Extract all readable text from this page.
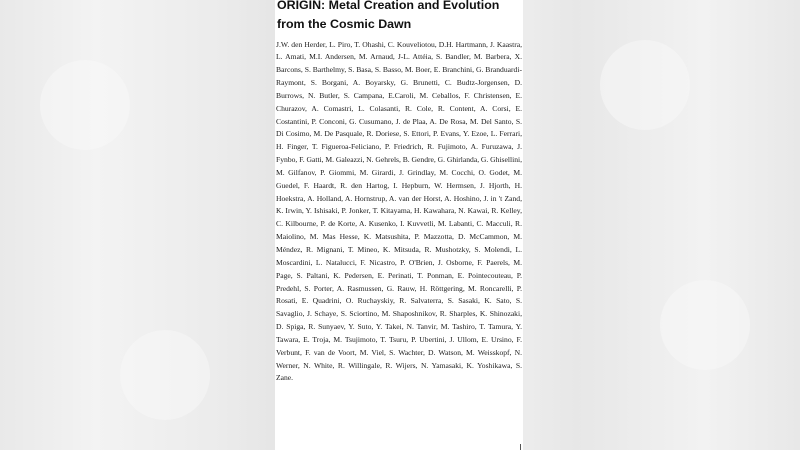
ORIGIN: Metal Creation and Evolution from the Cosmic Dawn

J.W. den Herder, L. Piro, T. Ohashi, C. Kouveliotou, D.H. Hartmann, J. Kaastra, L. Amati, M.I. Andersen, M. Arnaud, J-L. Attéia, S. Bandler, M. Barbera, X. Barcons, S. Barthelmy, S. Basa, S. Basso, M. Boer, E. Branchini, G. Branduardi-Raymont, S. Borgani, A. Boyarsky, G. Brunetti, C. Budtz-Jorgensen, D. Burrows, N. Butler, S. Campana, E.Caroli, M. Ceballos, F. Christensen, E. Churazov, A. Comastri, L. Colasanti, R. Cole, R. Content, A. Corsi, E. Costantini, P. Conconi, G. Cusumano, J. de Plaa, A. De Rosa, M. Del Santo, S. Di Cosimo, M. De Pasquale, R. Doriese, S. Ettori, P. Evans, Y. Ezoe, L. Ferrari, H. Finger, T. Figueroa-Feliciano, P. Friedrich, R. Fujimoto, A. Furuzawa, J. Fynbo, F. Gatti, M. Galeazzi, N. Gehrels, B. Gendre, G. Ghirlanda, G. Ghisellini, M. Gilfanov, P. Giommi, M. Girardi, J. Grindlay, M. Cocchi, O. Godet, M. Guedel, F. Haardt, R. den Hartog, I. Hepburn, W. Hermsen, J. Hjorth, H. Hoekstra, A. Holland, A. Hornstrup, A. van der Horst, A. Hoshino, J. in 't Zand, K. Irwin, Y. Ishisaki, P. Jonker, T. Kitayama, H. Kawahara, N. Kawai, R. Kelley, C. Kilbourne, P. de Korte, A. Kusenko, I. Kuvvetli, M. Labanti, C. Macculi, R. Maiolino, M. Mas Hesse, K. Matsushita, P. Mazzotta, D. McCammon, M. Méndez, R. Mignani, T. Mineo, K. Mitsuda, R. Mushotzky, S. Molendi, L. Moscardini, L. Natalucci, F. Nicastro, P. O'Brien, J. Osborne, F. Paerels, M. Page, S. Paltani, K. Pedersen, E. Perinati, T. Ponman, E. Pointecouteau, P. Predehl, S. Porter, A. Rasmussen, G. Rauw, H. Röttgering, M. Roncarelli, P. Rosati, E. Quadrini, O. Ruchayskiy, R. Salvaterra, S. Sasaki, K. Sato, S. Savaglio, J. Schaye, S. Sciortino, M. Shaposhnikov, R. Sharples, K. Shinozaki, D. Spiga, R. Sunyaev, Y. Suto, Y. Takei, N. Tanvir, M. Tashiro, T. Tamura, Y. Tawara, E. Troja, M. Tsujimoto, T. Tsuru, P. Ubertini, J. Ullom, E. Ursino, F. Verbunt, F. van de Voort, M. Viel, S. Wachter, D. Watson, M. Weisskopf, N. Werner, N. White, R. Willingale, R. Wijers, N. Yamasaki, K. Yoshikawa, S. Zane.
